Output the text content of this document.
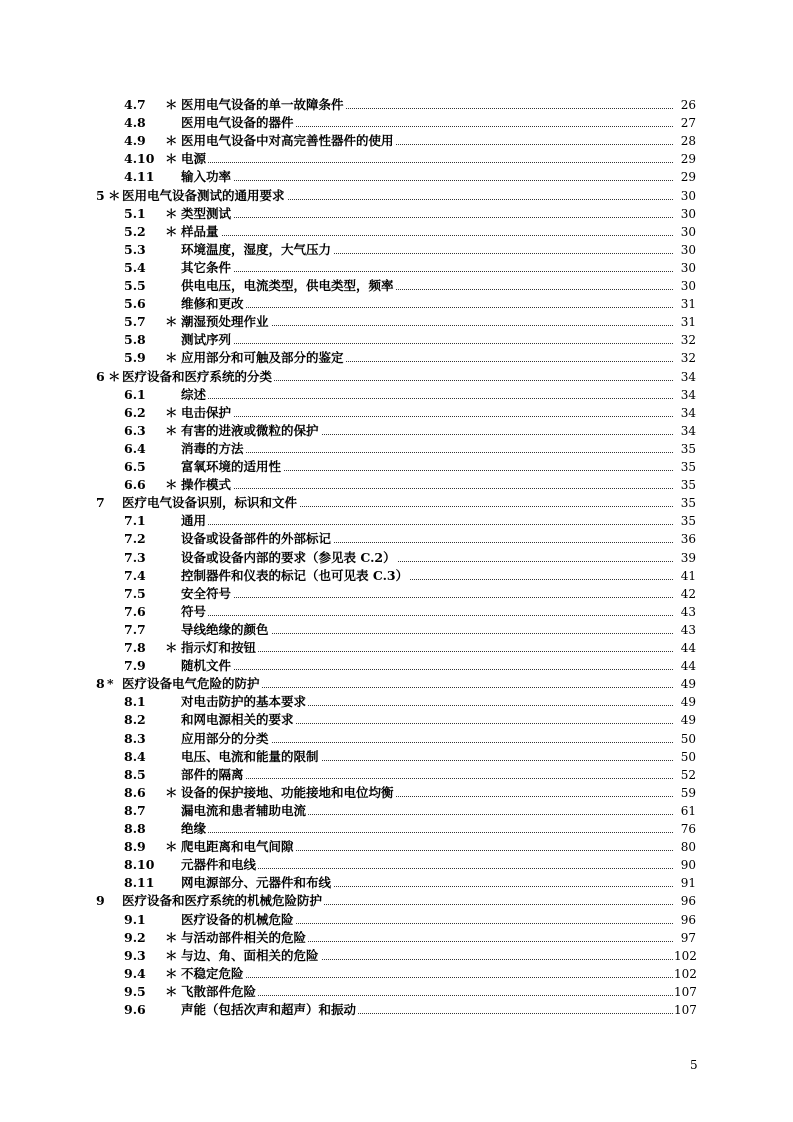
4.7 ＊ 医用电气设备的单一故障条件	26
4.8	医用电气设备的器件	27
4.9 ＊ 医用电气设备中对高完善性器件的使用	28
4.10 ＊ 电源	29
4.11 输入功率	29
5 ＊ 医用电气设备测试的通用要求	30
5.1 ＊ 类型测试	30
5.2 ＊ 样品量	30
5.3	环境温度，湿度，大气压力	30
5.4	其它条件	30
5.5	供电电压，电流类型，供电类型，频率	30
5.6	维修和更改	31
5.7 ＊ 潮湿预处理作业	31
5.8	测试序列	32
5.9 ＊ 应用部分和可触及部分的鉴定	32
6 ＊ 医疗设备和医疗系统的分类	34
6.1	综述	34
6.2 ＊ 电击保护	34
6.3 ＊ 有害的进液或微粒的保护	34
6.4	消毒的方法	35
6.5	富氧环境的适用性	35
6.6 ＊ 操作模式	35
7 医疗电气设备识别，标识和文件	35
7.1	通用	35
7.2	设备或设备部件的外部标记	36
7.3	设备或设备内部的要求（参见表 C.2）	39
7.4	控制器件和仪表的标记（也可见表 C.3）	41
7.5	安全符号	42
7.6	符号	43
7.7	导线绝缘的颜色	43
7.8 ＊ 指示灯和按钮	44
7.9	随机文件	44
8 * 医疗设备电气危险的防护	49
8.1	对电击防护的基本要求	49
8.2	和网电源相关的要求	49
8.3	应用部分的分类	50
8.4	电压、电流和能量的限制	50
8.5	部件的隔离	52
8.6 ＊ 设备的保护接地、功能接地和电位均衡	59
8.7	漏电流和患者辅助电流	61
8.8	绝缘	76
8.9 ＊ 爬电距离和电气间隙	80
8.10 元器件和电线	90
8.11 网电源部分、元器件和布线	91
9 医疗设备和医疗系统的机械危险防护	96
9.1	医疗设备的机械危险	96
9.2 ＊ 与活动部件相关的危险	97
9.3 ＊ 与边、角、面相关的危险	102
9.4 ＊ 不稳定危险	102
9.5 ＊ 飞散部件危险	107
9.6	声能（包括次声和超声）和振动	107
5
